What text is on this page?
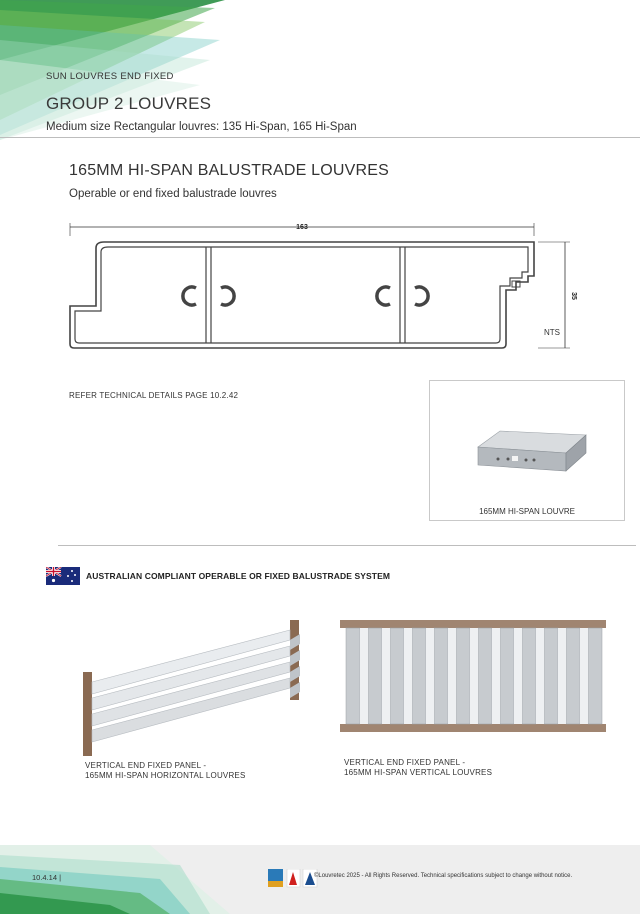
SUN LOUVRES END FIXED
GROUP 2 LOUVRES
Medium size Rectangular louvres: 135 Hi-Span, 165 Hi-Span
165MM HI-SPAN BALUSTRADE LOUVRES
Operable or end fixed balustrade louvres
163
35
NTS
REFER TECHNICAL DETAILS PAGE 10.2.42
165MM HI-SPAN LOUVRE
AUSTRALIAN COMPLIANT OPERABLE OR FIXED BALUSTRADE SYSTEM
VERTICAL END FIXED PANEL -
165MM HI-SPAN HORIZONTAL LOUVRES
VERTICAL END FIXED PANEL -
165MM HI-SPAN VERTICAL LOUVRES
10.4.14 |	©Louvretec 2025 - All Rights Reserved. Technical specifications subject to change without notice.
